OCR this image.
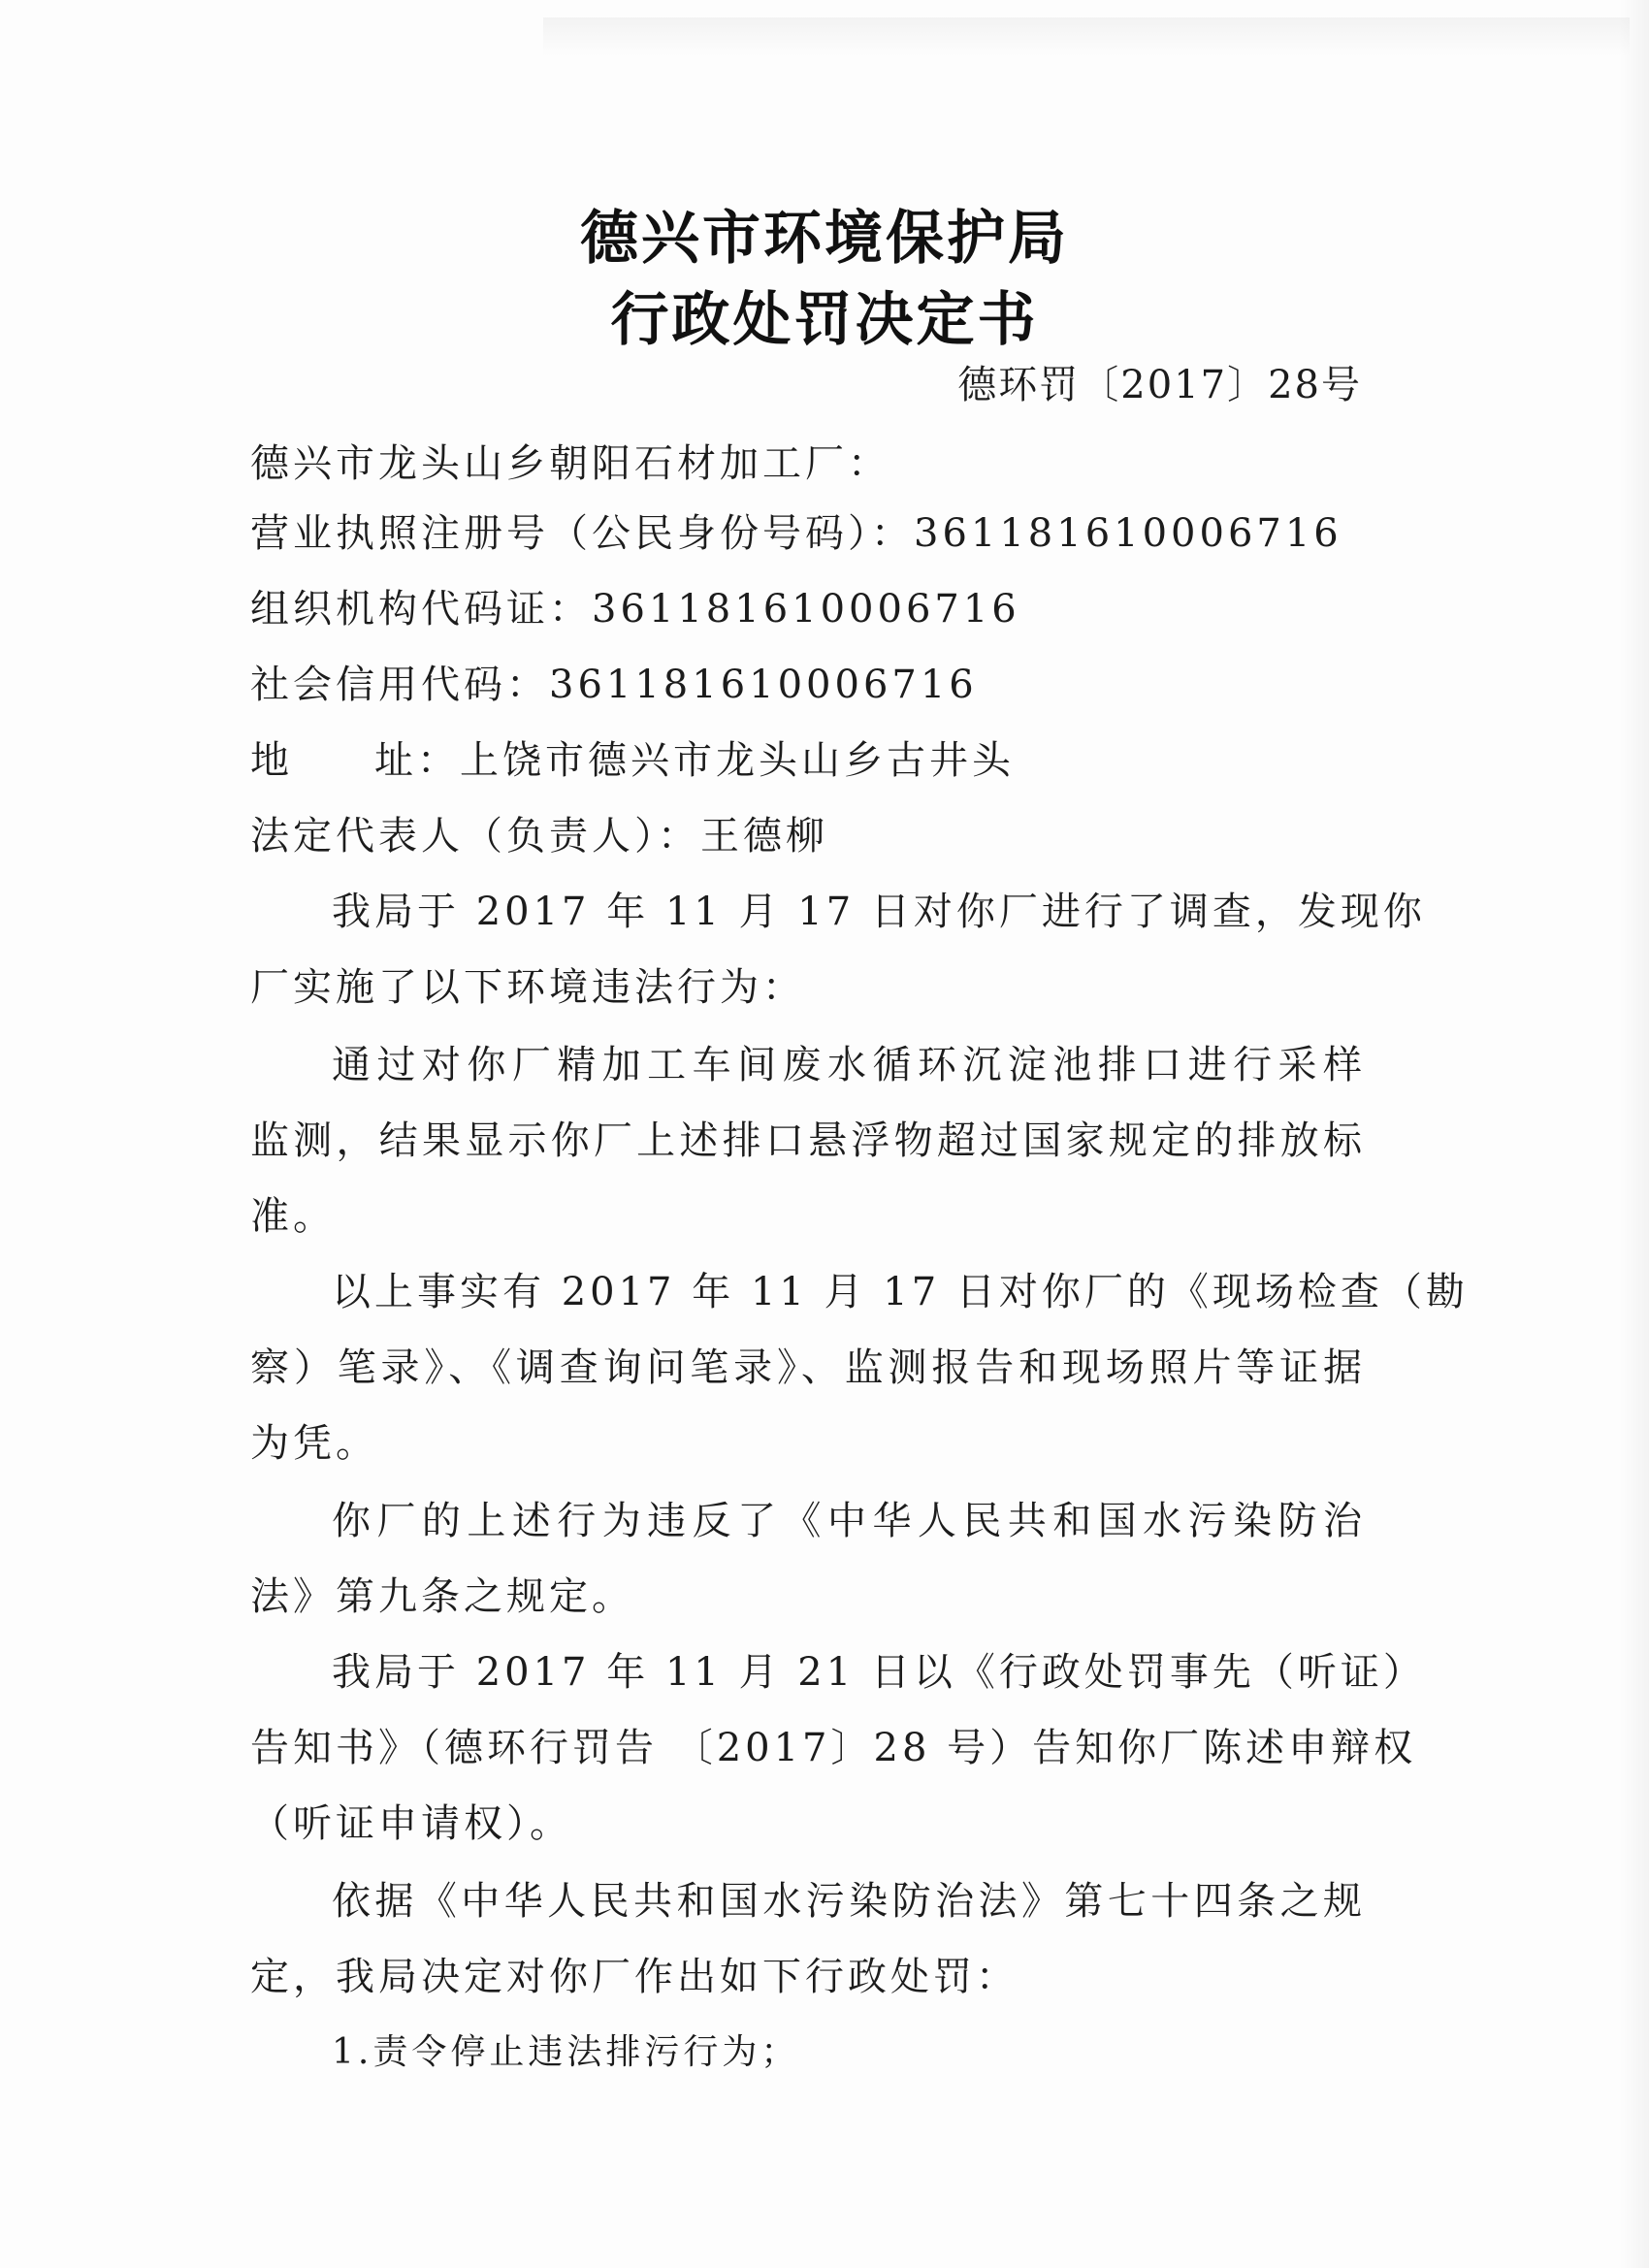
德兴市环境保护局
行政处罚决定书
德环罚〔2017〕28号
德兴市龙头山乡朝阳石材加工厂：
营业执照注册号（公民身份号码）：361181610006716
组织机构代码证：361181610006716
社会信用代码：361181610006716
地 址：上饶市德兴市龙头山乡古井头
法定代表人（负责人）：王德柳
我局于 2017 年 11 月 17 日对你厂进行了调查，发现你
厂实施了以下环境违法行为：
通过对你厂精加工车间废水循环沉淀池排口进行采样
监测，结果显示你厂上述排口悬浮物超过国家规定的排放标
准。
以上事实有 2017 年 11 月 17 日对你厂的《现场检查（勘
察）笔录》、《调查询问笔录》、监测报告和现场照片等证据
为凭。
你厂的上述行为违反了《中华人民共和国水污染防治
法》第九条之规定。
我局于 2017 年 11 月 21 日以《行政处罚事先（听证）
告知书》（德环行罚告 〔2017〕28 号）告知你厂陈述申辩权
（听证申请权）。
依据《中华人民共和国水污染防治法》第七十四条之规
定，我局决定对你厂作出如下行政处罚：
1.责令停止违法排污行为；
